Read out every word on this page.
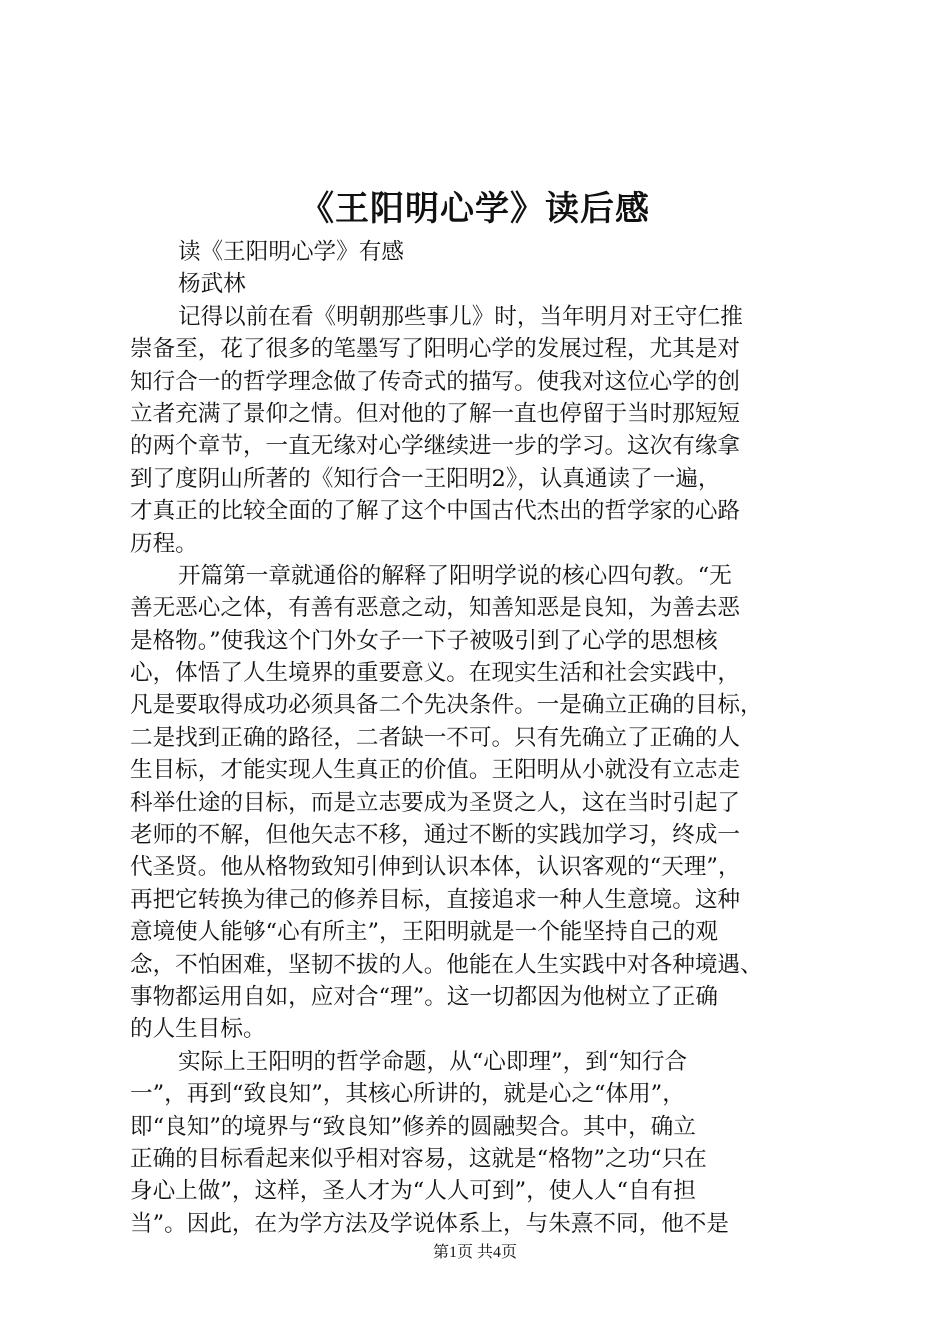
《王阳明心学》读后感
读《王阳明心学》有感
杨武林
记得以前在看《明朝那些事儿》时，当年明月对王守仁推
崇备至，花了很多的笔墨写了阳明心学的发展过程，尤其是对
知行合一的哲学理念做了传奇式的描写。使我对这位心学的创
立者充满了景仰之情。但对他的了解一直也停留于当时那短短
的两个章节，一直无缘对心学继续进一步的学习。这次有缘拿
到了度阴山所著的《知行合一王阳明2》，认真通读了一遍，
才真正的比较全面的了解了这个中国古代杰出的哲学家的心路
历程。
开篇第一章就通俗的解释了阳明学说的核心四句教。“无
善无恶心之体，有善有恶意之动，知善知恶是良知，为善去恶
是格物。”使我这个门外女子一下子被吸引到了心学的思想核
心，体悟了人生境界的重要意义。在现实生活和社会实践中，
凡是要取得成功必须具备二个先决条件。一是确立正确的目标，
二是找到正确的路径，二者缺一不可。只有先确立了正确的人
生目标，才能实现人生真正的价值。王阳明从小就没有立志走
科举仕途的目标，而是立志要成为圣贤之人，这在当时引起了
老师的不解，但他矢志不移，通过不断的实践加学习，终成一
代圣贤。他从格物致知引伸到认识本体，认识客观的“天理”，
再把它转换为律己的修养目标，直接追求一种人生意境。这种
意境使人能够“心有所主”，王阳明就是一个能坚持自己的观
念，不怕困难，坚韧不拔的人。他能在人生实践中对各种境遇、
事物都运用自如，应对合“理”。这一切都因为他树立了正确
的人生目标。
实际上王阳明的哲学命题，从“心即理”，到“知行合
一”，再到“致良知”，其核心所讲的，就是心之“体用”，
即“良知”的境界与“致良知”修养的圆融契合。其中，确立
正确的目标看起来似乎相对容易，这就是“格物”之功“只在
身心上做”，这样，圣人才为“人人可到”，使人人“自有担
当”。因此，在为学方法及学说体系上，与朱熹不同，他不是
第1页 共4页
